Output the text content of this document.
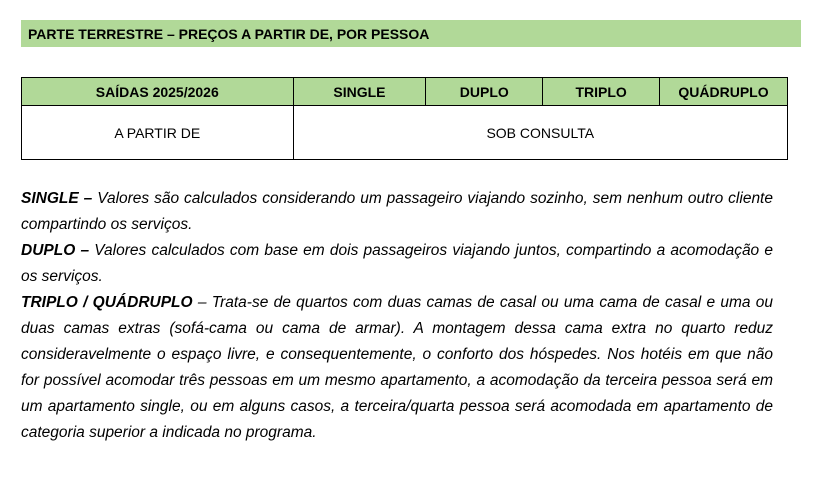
PARTE TERRESTRE – PREÇOS A PARTIR DE, POR PESSOA
SAÍDAS 2025/2026	SINGLE	DUPLO	TRIPLO	QUÁDRUPLO
A PARTIR DE	SOB CONSULTA			

SINGLE – Valores são calculados considerando um passageiro viajando sozinho, sem nenhum outro cliente compartindo os serviços.

DUPLO – Valores calculados com base em dois passageiros viajando juntos, compartindo a acomodação e os serviços.

TRIPLO / QUÁDRUPLO – Trata-se de quartos com duas camas de casal ou uma cama de casal e uma ou duas camas extras (sofá-cama ou cama de armar). A montagem dessa cama extra no quarto reduz consideravelmente o espaço livre, e consequentemente, o conforto dos hóspedes. Nos hotéis em que não for possível acomodar três pessoas em um mesmo apartamento, a acomodação da terceira pessoa será em um apartamento single, ou em alguns casos, a terceira/quarta pessoa será acomodada em apartamento de categoria superior a indicada no programa.
